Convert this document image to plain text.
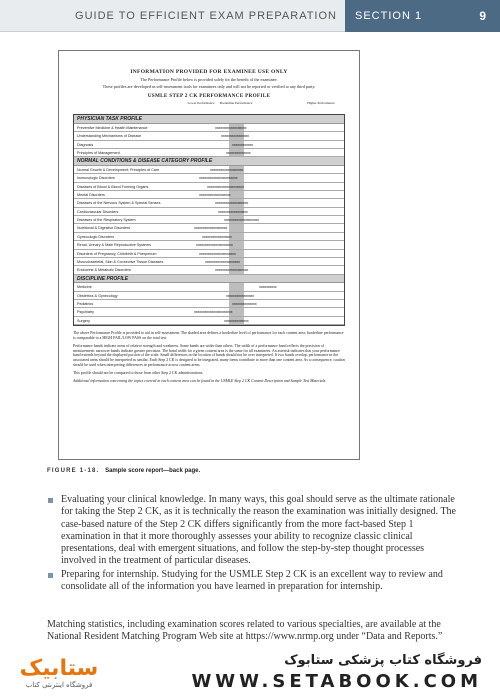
GUIDE TO EFFICIENT EXAM PREPARATION SECTION 1	9
INFORMATION PROVIDED FOR EXAMINEE USE ONLY
The Performance Profile below is provided solely for the benefit of the examinee.
These profiles are developed as self-assessment tools for examinees only and will not be reported or verified to any third party.
USMLE STEP 2 CK PERFORMANCE PROFILE
Lower Performance	Borderline Performance	Higher Performance
PHYSICIAN TASK PROFILE
Preventive Medicine & Health Maintenance	xxxxxxxxxxxxxxxxxx
Understanding Mechanisms of Disease	xxxxxxxxxxxxxxxx
Diagnosis	xxxxxxxxxxxx
Principles of Management	xxxxxxxxxxxxxx
NORMAL CONDITIONS & DISEASE CATEGORY PROFILE
Normal Growth & Development; Principles of Care	xxxxxxxxxxxxxxxxxxx
Immunologic Disorders	xxxxxxxxxxxxxxxxxxxxxx
Diseases of Blood & Blood Forming Organs	xxxxxxxxxxxxxxxxxxxxx
Mental Disorders	xxxxxxxxxxxxxxxxxx
Diseases of the Nervous System & Special Senses	xxxxxxxxxxxxxxxxxxx
Cardiovascular Disorders	xxxxxxxxxxxxxxxxx
Diseases of the Respiratory System	xxxxxxxxxxxxxxxxxxxx
Nutritional & Digestive Disorders	xxxxxxxxxxxxxxxxxxx
Gynecologic Disorders	xxxxxxxxxxxxxxxxx
Renal, Urinary & Male Reproductive Systems	xxxxxxxxxxxxxxxxxxxxx
Disorders of Pregnancy, Childbirth & Puerperium	xxxxxxxxxxxxxxxxxxxxx
Musculoskeletal, Skin & Connective Tissue Diseases	xxxxxxxxxxxxxxxxxxxx
Endocrine & Metabolic Disorders	xxxxxxxxxxxxxxxxxxx
DISCIPLINE PROFILE
Medicine	xxxxxxxxxx
Obstetrics & Gynecology	xxxxxxxxxxxxxxxx
Pediatrics	xxxxxxxxxxxxxx
Psychiatry	xxxxxxxxxxxxxxxxxxxxxx
Surgery	xxxxxxxxxxxxxx

The above Performance Profile is provided to aid in self-assessment. The shaded area defines a borderline level of performance for each content area; borderline performance is comparable to a HIGH FAIL/LOW PASS on the total test.

Performance bands indicate areas of relative strength and weakness. Some bands are wider than others. The width of a performance band reflects the precision of measurement: narrower bands indicate greater precision. The band width for a given content area is the same for all examinees. An asterisk indicates that your performance band extends beyond the displayed portion of the scale. Small differences in the location of bands should not be over interpreted. If two bands overlap, performance in the associated areas should be interpreted as similar. Each Step 2 CK is designed to be integrated, many items contribute to more than one content area. As a consequence, caution should be used when interpreting differences in performance across content areas.

This profile should not be compared to those from other Step 2 CK administrations.

Additional information concerning the topics covered in each content area can be found in the USMLE Step 2 CK Content Description and Sample Test Materials.

FIGURE 1-18. Sample score report—back page.
Evaluating your clinical knowledge. In many ways, this goal should serve as the ultimate rationale for taking the Step 2 CK, as it is technically the reason the examination was initially designed. The case-based nature of the Step 2 CK differs significantly from the more fact-based Step 1 examination in that it more thoroughly assesses your ability to recognize classic clinical presentations, deal with emergent situations, and follow the step-by-step thought processes involved in the treatment of particular diseases.
Preparing for internship. Studying for the USMLE Step 2 CK is an excellent way to review and consolidate all of the information you have learned in preparation for internship.
Matching statistics, including examination scores related to various specialties, are available at the National Resident Matching Program Web site at https://www.nrmp.org under “Data and Reports.”
ستابیک
فروشگاه اینترنتی کتاب
فروشگاه کتاب پزشکی ستابوک
WWW.SETABOOK.COM
